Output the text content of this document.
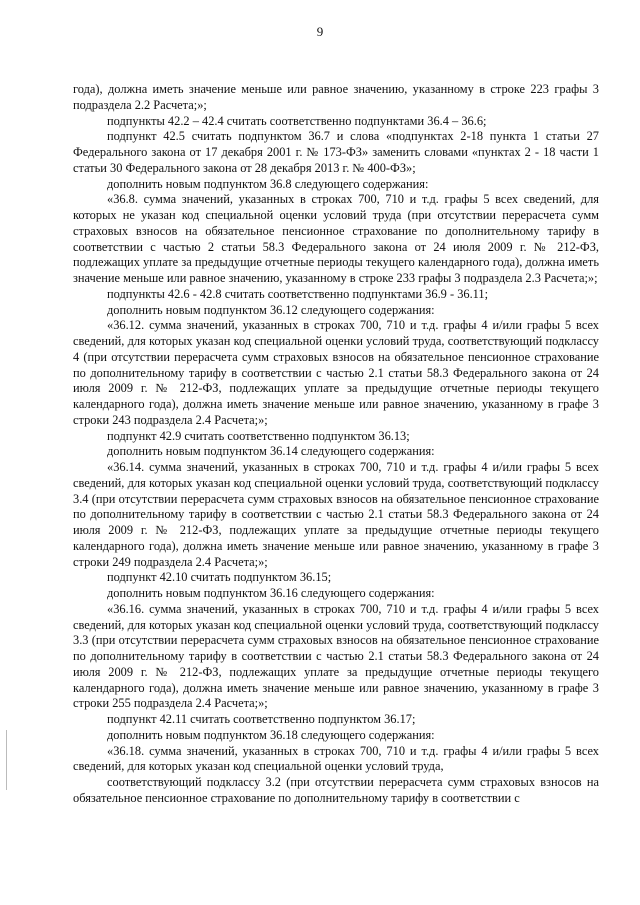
9

года), должна иметь значение меньше или равное значению, указанному в строке 223 графы 3 подраздела 2.2 Расчета;»;

подпункты 42.2 – 42.4 считать соответственно подпунктами 36.4 – 36.6;

подпункт 42.5 считать подпунктом 36.7 и слова «подпунктах 2-18 пункта 1 статьи 27 Федерального закона от 17 декабря 2001 г. № 173-ФЗ» заменить словами «пунктах 2 - 18 части 1 статьи 30 Федерального закона от 28 декабря 2013 г. № 400-ФЗ»;

дополнить новым подпунктом 36.8 следующего содержания:

«36.8. сумма значений, указанных в строках 700, 710 и т.д. графы 5 всех сведений, для которых не указан код специальной оценки условий труда (при отсутствии перерасчета сумм страховых взносов на обязательное пенсионное страхование по дополнительному тарифу в соответствии с частью 2 статьи 58.3 Федерального закона от 24 июля 2009 г. № 212-ФЗ, подлежащих уплате за предыдущие отчетные периоды текущего календарного года), должна иметь значение меньше или равное значению, указанному в строке 233 графы 3 подраздела 2.3 Расчета;»;

подпункты 42.6 - 42.8 считать соответственно подпунктами 36.9 - 36.11;

дополнить новым подпунктом 36.12 следующего содержания:

«36.12. сумма значений, указанных в строках 700, 710 и т.д. графы 4 и/или графы 5 всех сведений, для которых указан код специальной оценки условий труда, соответствующий подклассу 4 (при отсутствии перерасчета сумм страховых взносов на обязательное пенсионное страхование по дополнительному тарифу в соответствии с частью 2.1 статьи 58.3 Федерального закона от 24 июля 2009 г. № 212-ФЗ, подлежащих уплате за предыдущие отчетные периоды текущего календарного года), должна иметь значение меньше или равное значению, указанному в графе 3 строки 243 подраздела 2.4 Расчета;»;

подпункт 42.9 считать соответственно подпунктом 36.13;

дополнить новым подпунктом 36.14 следующего содержания:

«36.14. сумма значений, указанных в строках 700, 710 и т.д. графы 4 и/или графы 5 всех сведений, для которых указан код специальной оценки условий труда, соответствующий подклассу 3.4 (при отсутствии перерасчета сумм страховых взносов на обязательное пенсионное страхование по дополнительному тарифу в соответствии с частью 2.1 статьи 58.3 Федерального закона от 24 июля 2009 г. № 212-ФЗ, подлежащих уплате за предыдущие отчетные периоды текущего календарного года), должна иметь значение меньше или равное значению, указанному в графе 3 строки 249 подраздела 2.4 Расчета;»;

подпункт 42.10 считать подпунктом 36.15;

дополнить новым подпунктом 36.16 следующего содержания:

«36.16. сумма значений, указанных в строках 700, 710 и т.д. графы 4 и/или графы 5 всех сведений, для которых указан код специальной оценки условий труда, соответствующий подклассу 3.3 (при отсутствии перерасчета сумм страховых взносов на обязательное пенсионное страхование по дополнительному тарифу в соответствии с частью 2.1 статьи 58.3 Федерального закона от 24 июля 2009 г. № 212-ФЗ, подлежащих уплате за предыдущие отчетные периоды текущего календарного года), должна иметь значение меньше или равное значению, указанному в графе 3 строки 255 подраздела 2.4 Расчета;»;

подпункт 42.11 считать соответственно подпунктом 36.17;

дополнить новым подпунктом 36.18 следующего содержания:

«36.18. сумма значений, указанных в строках 700, 710 и т.д. графы 4 и/или графы 5 всех сведений, для которых указан код специальной оценки условий труда,

соответствующий подклассу 3.2 (при отсутствии перерасчета сумм страховых взносов на обязательное пенсионное страхование по дополнительному тарифу в соответствии с
